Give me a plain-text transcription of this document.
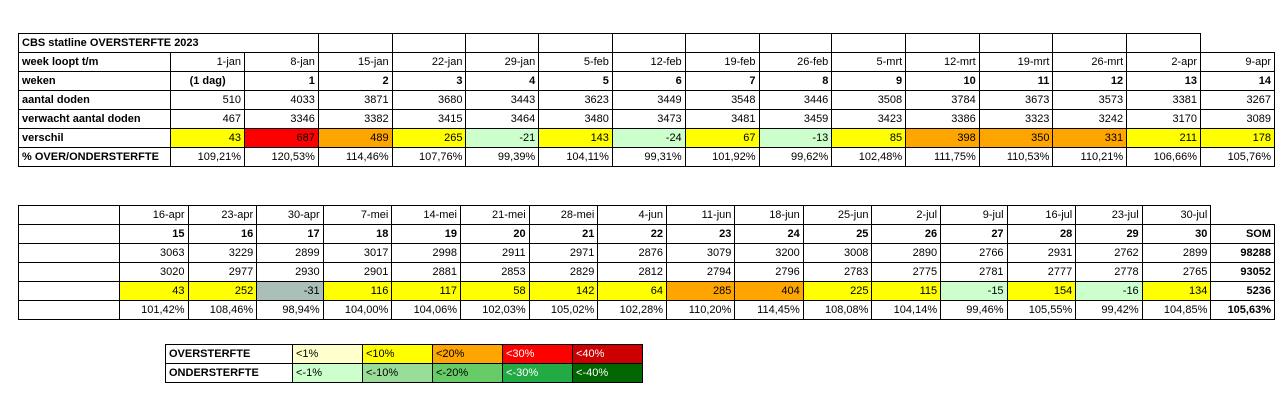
CBS statline OVERSTERFTE 2023															
week loopt t/m	1-jan	8-jan	15-jan	22-jan	29-jan	5-feb	12-feb	19-feb	26-feb	5-mrt	12-mrt	19-mrt	26-mrt	2-apr	9-apr
weken	(1 dag)	1	2	3	4	5	6	7	8	9	10	11	12	13	14
aantal doden	510	4033	3871	3680	3443	3623	3449	3548	3446	3508	3784	3673	3573	3381	3267
verwacht aantal doden	467	3346	3382	3415	3464	3480	3473	3481	3459	3423	3386	3323	3242	3170	3089
verschil	43	687	489	265	-21	143	-24	67	-13	85	398	350	331	211	178
% OVER/ONDERSTERFTE	109,21%	120,53%	114,46%	107,76%	99,39%	104,11%	99,31%	101,92%	99,62%	102,48%	111,75%	110,53%	110,21%	106,66%	105,76%
	16-apr	23-apr	30-apr	7-mei	14-mei	21-mei	28-mei	4-jun	11-jun	18-jun	25-jun	2-jul	9-jul	16-jul	23-jul	30-jul	
	15	16	17	18	19	20	21	22	23	24	25	26	27	28	29	30	SOM
	3063	3229	2899	3017	2998	2911	2971	2876	3079	3200	3008	2890	2766	2931	2762	2899	98288
	3020	2977	2930	2901	2881	2853	2829	2812	2794	2796	2783	2775	2781	2777	2778	2765	93052
	43	252	-31	116	117	58	142	64	285	404	225	115	-15	154	-16	134	5236
	101,42%	108,46%	98,94%	104,00%	104,06%	102,03%	105,02%	102,28%	110,20%	114,45%	108,08%	104,14%	99,46%	105,55%	99,42%	104,85%	105,63%
OVERSTERFTE	<1%	<10%	<20%	<30%	<40%
ONDERSTERFTE	<-1%	<-10%	<-20%	<-30%	<-40%
